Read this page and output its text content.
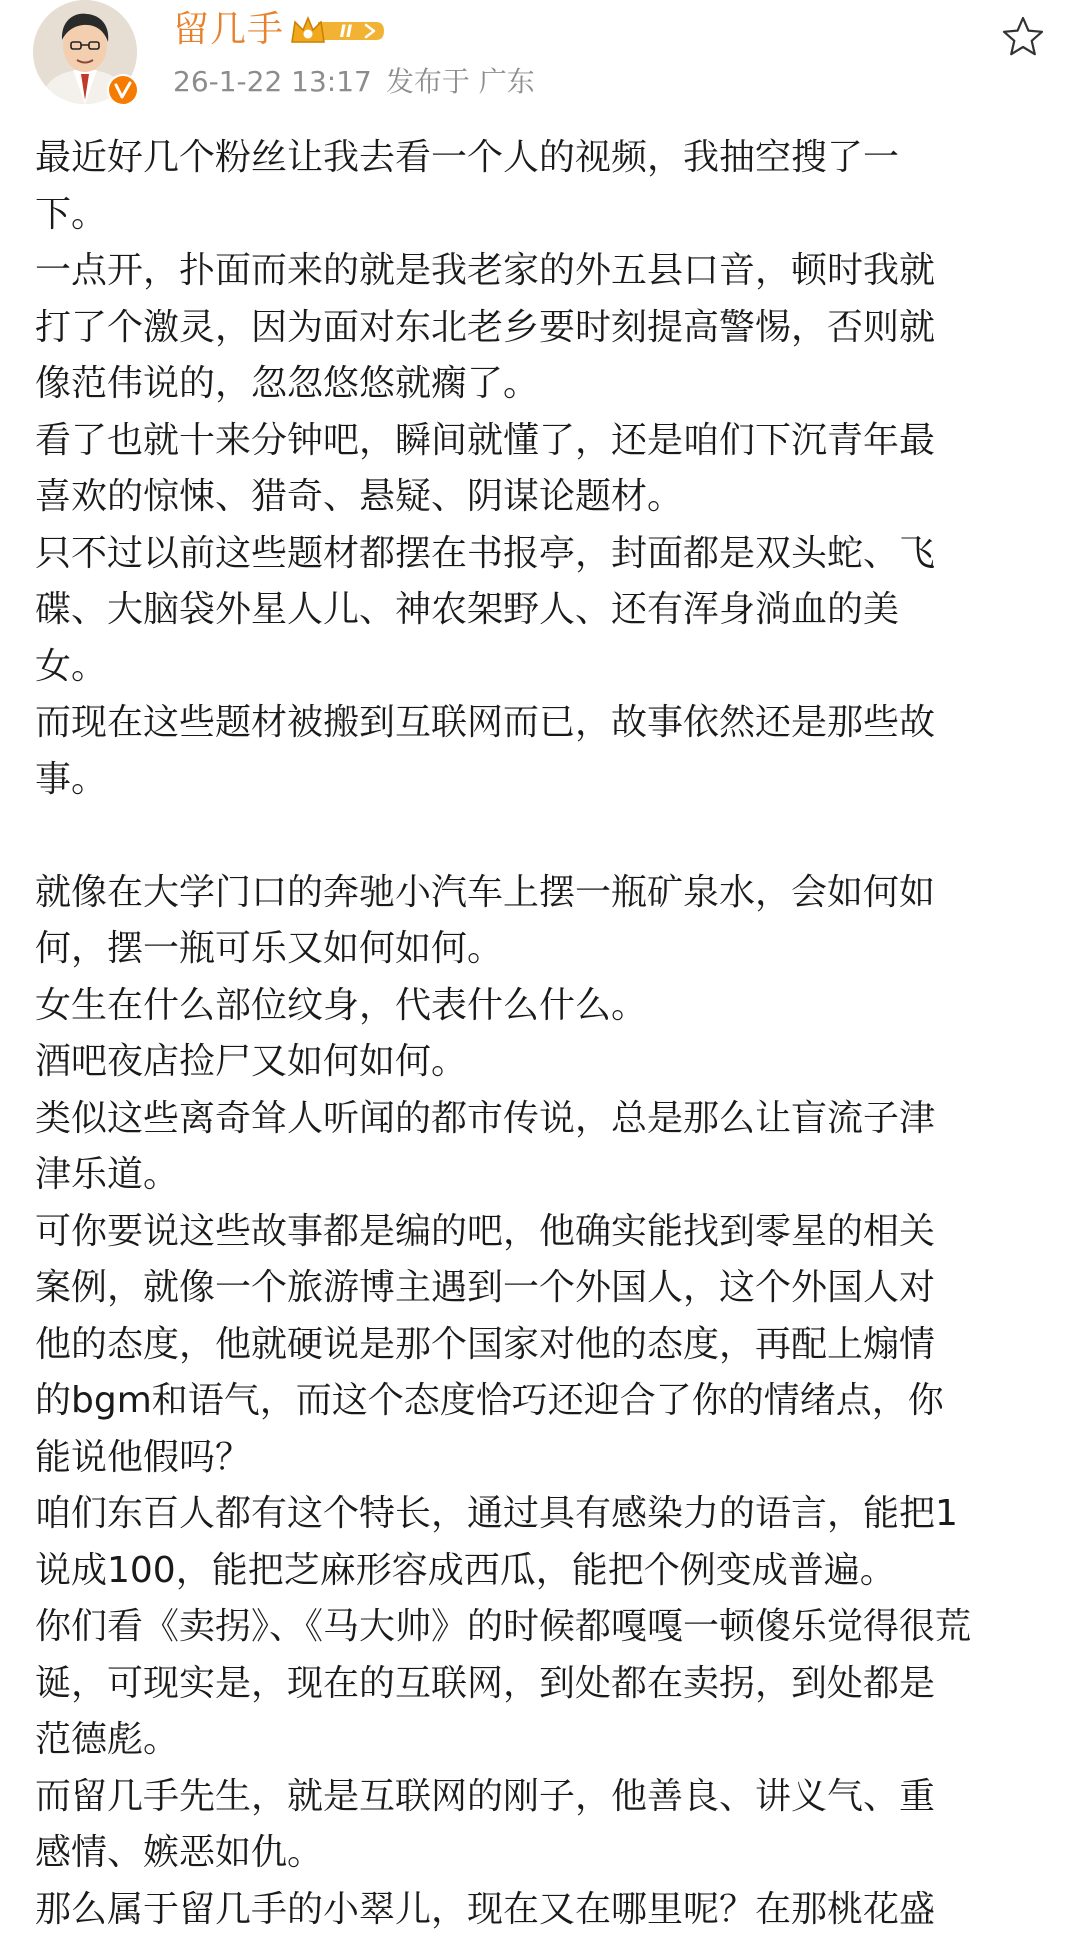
留几手	II
26-1-22 13:17 发布于 广东
最近好几个粉丝让我去看一个人的视频，我抽空搜了一
下。
一点开，扑面而来的就是我老家的外五县口音，顿时我就
打了个激灵，因为面对东北老乡要时刻提高警惕，否则就
像范伟说的，忽忽悠悠就瘸了。
看了也就十来分钟吧，瞬间就懂了，还是咱们下沉青年最
喜欢的惊悚、猎奇、悬疑、阴谋论题材。
只不过以前这些题材都摆在书报亭，封面都是双头蛇、飞
碟、大脑袋外星人儿、神农架野人、还有浑身淌血的美
女。
而现在这些题材被搬到互联网而已，故事依然还是那些故
事。
就像在大学门口的奔驰小汽车上摆一瓶矿泉水，会如何如
何，摆一瓶可乐又如何如何。
女生在什么部位纹身，代表什么什么。
酒吧夜店捡尸又如何如何。
类似这些离奇耸人听闻的都市传说，总是那么让盲流子津
津乐道。
可你要说这些故事都是编的吧，他确实能找到零星的相关
案例，就像一个旅游博主遇到一个外国人，这个外国人对
他的态度，他就硬说是那个国家对他的态度，再配上煽情
的bgm和语气，而这个态度恰巧还迎合了你的情绪点，你
能说他假吗？
咱们东百人都有这个特长，通过具有感染力的语言，能把1
说成100，能把芝麻形容成西瓜，能把个例变成普遍。
你们看《卖拐》、《马大帅》的时候都嘎嘎一顿傻乐觉得很荒
诞，可现实是，现在的互联网，到处都在卖拐，到处都是
范德彪。
而留几手先生，就是互联网的刚子，他善良、讲义气、重
感情、嫉恶如仇。
那么属于留几手的小翠儿，现在又在哪里呢？在那桃花盛
